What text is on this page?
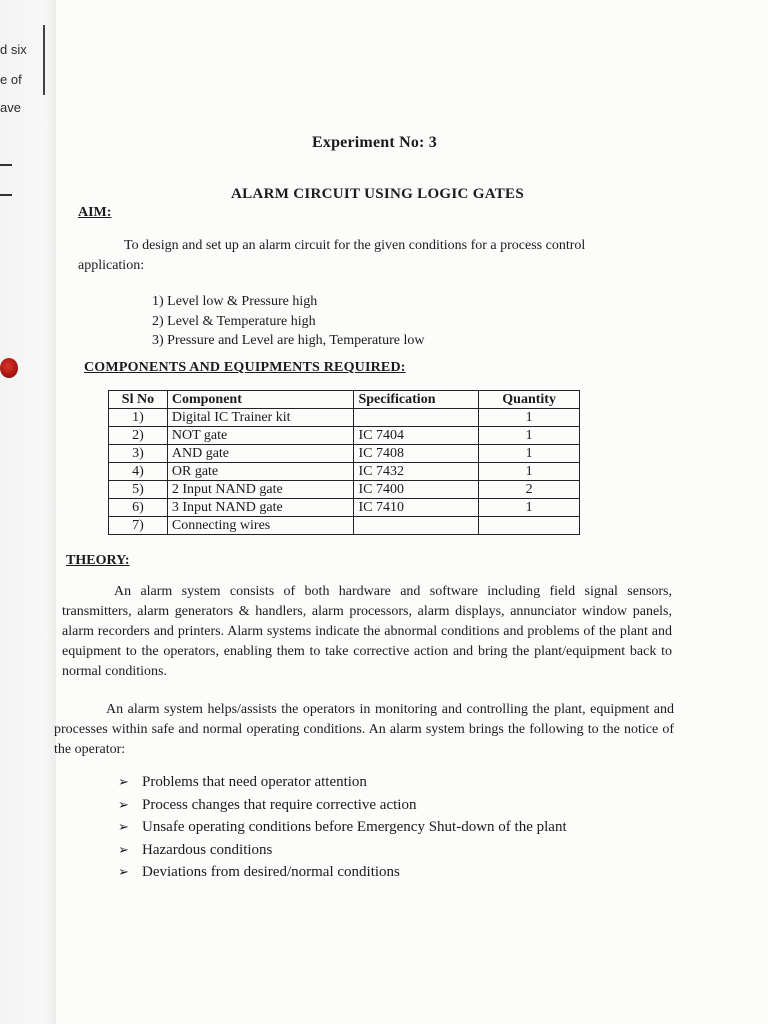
d six
e of
ave
Experiment No: 3
ALARM CIRCUIT USING LOGIC GATES
AIM:
To design and set up an alarm circuit for the given conditions for a process control
application:
1) Level low & Pressure high
2) Level & Temperature high
3) Pressure and Level are high, Temperature low
COMPONENTS AND EQUIPMENTS REQUIRED:
Sl No	Component	Specification	Quantity
1)	Digital IC Trainer kit		1
2)	NOT gate	IC 7404	1
3)	AND gate	IC 7408	1
4)	OR gate	IC 7432	1
5)	2 Input NAND gate	IC 7400	2
6)	3 Input NAND gate	IC 7410	1
7)	Connecting wires		
THEORY:

An alarm system consists of both hardware and software including field signal sensors, transmitters, alarm generators & handlers, alarm processors, alarm displays, annunciator window panels, alarm recorders and printers. Alarm systems indicate the abnormal conditions and problems of the plant and equipment to the operators, enabling them to take corrective action and bring the plant/equipment back to normal conditions.

An alarm system helps/assists the operators in monitoring and controlling the plant, equipment and processes within safe and normal operating conditions. An alarm system brings the following to the notice of the operator:

➢ Problems that need operator attention
➢ Process changes that require corrective action
➢ Unsafe operating conditions before Emergency Shut-down of the plant
➢ Hazardous conditions
➢ Deviations from desired/normal conditions
